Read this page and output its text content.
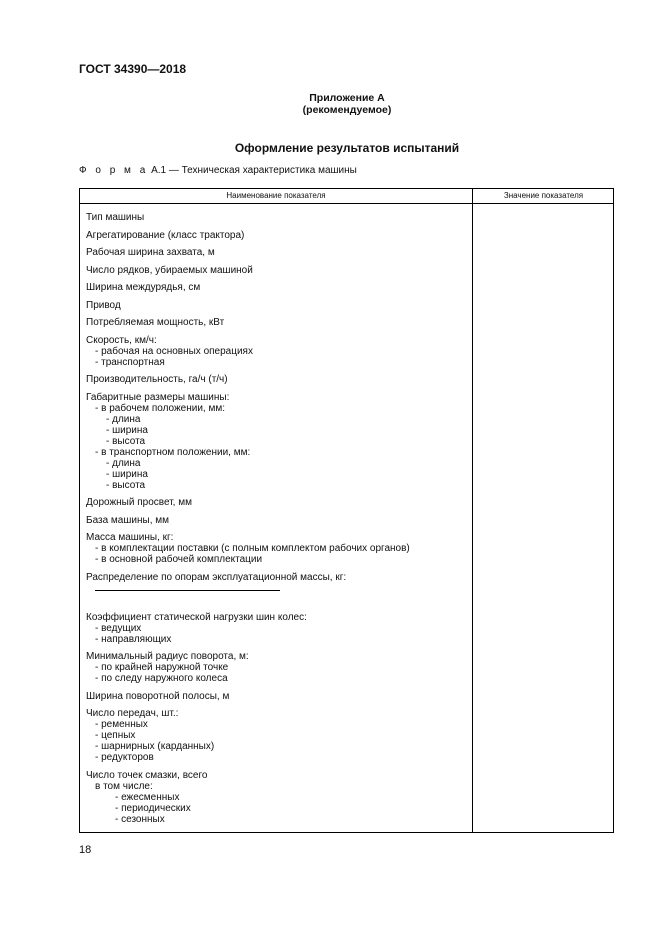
ГОСТ 34390—2018
Приложение А
(рекомендуемое)
Оформление результатов испытаний
Ф о р м а А.1 — Техническая характеристика машины
Наименование показателя	Значение показателя
Тип машины
Агрегатирование (класс трактора)
Рабочая ширина захвата, м
Число рядков, убираемых машиной
Ширина междурядья, см
Привод
Потребляемая мощность, кВт
Скорость, км/ч:
- рабочая на основных операциях
- транспортная
Производительность, га/ч (т/ч)
Габаритные размеры машины:
- в рабочем положении, мм:
- длина
- ширина
- высота
- в транспортном положении, мм:
- длина
- ширина
- высота
Дорожный просвет, мм
База машины, мм
Масса машины, кг:
- в комплектации поставки (с полным комплектом рабочих органов)
- в основной рабочей комплектации
Распределение по опорам эксплуатационной массы, кг:
Коэффициент статической нагрузки шин колес:
- ведущих
- направляющих
Минимальный радиус поворота, м:
- по крайней наружной точке
- по следу наружного колеса
Ширина поворотной полосы, м
Число передач, шт.:
- ременных
- цепных
- шарнирных (карданных)
- редукторов
Число точек смазки, всего
в том числе:
- ежесменных
- периодических
- сезонных
18
